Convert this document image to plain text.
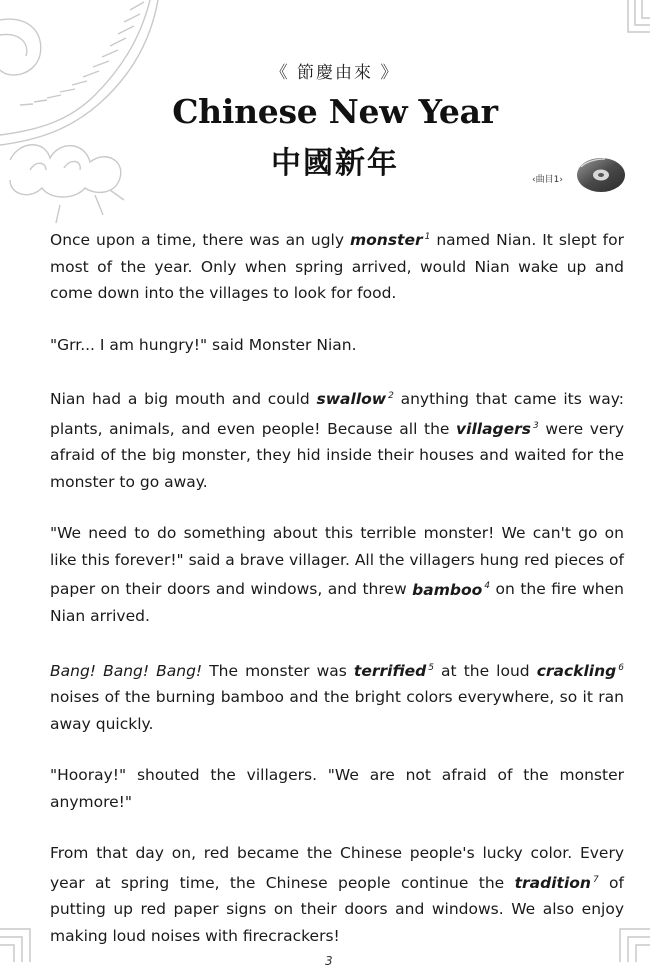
《 節慶由來 》
Chinese New Year
中國新年	‹曲目1›

Once upon a time, there was an ugly monster $^1$ named Nian. It slept for most of the year. Only when spring arrived, would Nian wake up and come down into the villages to look for food.

"Grr... I am hungry!" said Monster Nian.

Nian had a big mouth and could swallow $^2$ anything that came its way: plants, animals, and even people! Because all the villagers $^3$ were very afraid of the big monster, they hid inside their houses and waited for the monster to go away.

"We need to do something about this terrible monster! We can't go on like this forever!" said a brave villager. All the villagers hung red pieces of paper on their doors and windows, and threw bamboo $^4$ on the fire when Nian arrived.

Bang! Bang! Bang! The monster was terrified $^5$ at the loud crackling $^6$ noises of the burning bamboo and the bright colors everywhere, so it ran away quickly.

"Hooray!" shouted the villagers. "We are not afraid of the monster anymore!"

From that day on, red became the Chinese people's lucky color. Every year at spring time, the Chinese people continue the tradition $^7$ of putting up red paper signs on their doors and windows. We also enjoy making loud noises with firecrackers!

3
